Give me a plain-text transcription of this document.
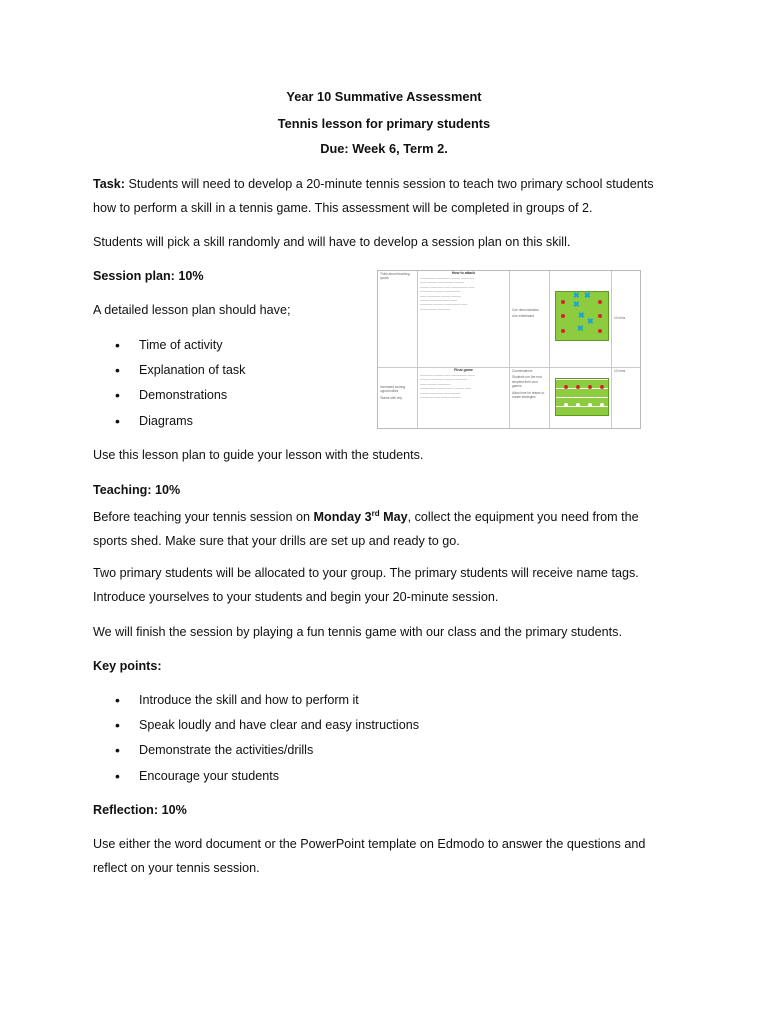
Year 10 Summative Assessment
Tennis lesson for primary students
Due: Week 6, Term 2.
Task: Students will need to develop a 20-minute tennis session to teach two primary school students
how to perform a skill in a tennis game. This assessment will be completed in groups of 2.
Students will pick a skill randomly and will have to develop a session plan on this skill.
Session plan: 10%
A detailed lesson plan should have;
• Time of activity
• Explanation of task
• Demonstrations
• Diagrams
Think about teaching sports
How to attack
————— ———— ——— ————
—— ——— ————— ———
——— ———— —— ————— ——
———— ——— —————
—— ———— ——— ———
——— —————— ——
———— ——— ————— ——
—— ——— ————	Cue demonstration
Use whiteboard
✖ ✖
✖
✖
✖
✖
10 mins
Increased scoring opportunities
Teams with rely
Final game
———— ——— —— ————— ——
——— ———— ——— ————
—— ——— ————
————— ——— —— ——— ——
——— ———— —————
———— —— ——— ———
Conversations
Students run the end simplest their own games
Allow time for teams to create strategies
10 mins
Use this lesson plan to guide your lesson with the students.
Teaching: 10%
Before teaching your tennis session on Monday 3rd May, collect the equipment you need from the
sports shed. Make sure that your drills are set up and ready to go.
Two primary students will be allocated to your group. The primary students will receive name tags.
Introduce yourselves to your students and begin your 20-minute session.
We will finish the session by playing a fun tennis game with our class and the primary students.
Key points:
• Introduce the skill and how to perform it
• Speak loudly and have clear and easy instructions
• Demonstrate the activities/drills
• Encourage your students
Reflection: 10%
Use either the word document or the PowerPoint template on Edmodo to answer the questions and
reflect on your tennis session.
